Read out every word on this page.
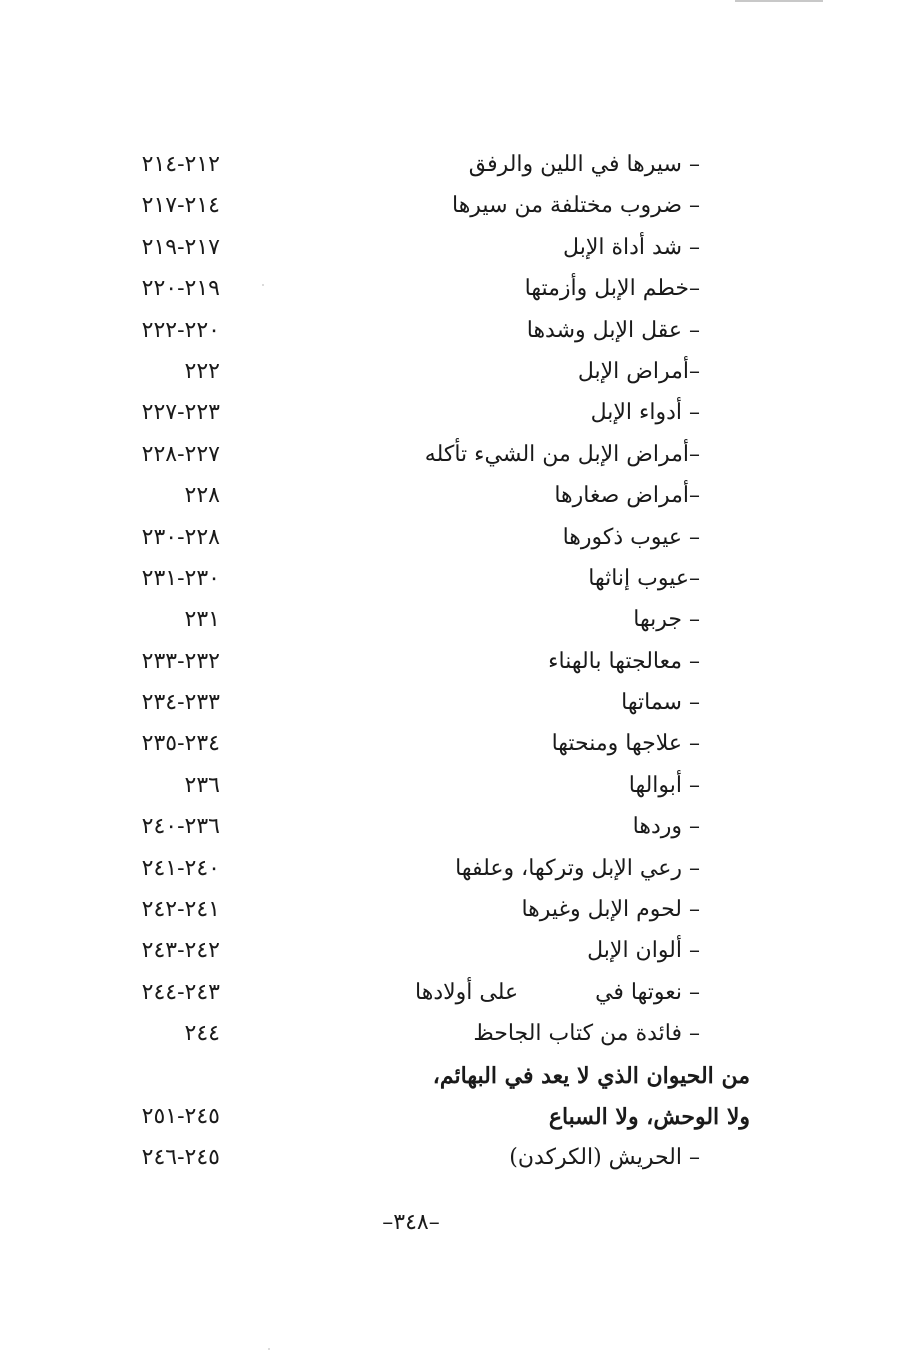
– سيرها في اللين والرفق
٢١٢-٢١٤
– ضروب مختلفة من سيرها
٢١٤-٢١٧
– شد أداة الإبل
٢١٧-٢١٩
–خطم الإبل وأزمتها
٢١٩-٢٢٠
– عقل الإبل وشدها
٢٢٠-٢٢٢
–أمراض الإبل
٢٢٢
– أدواء الإبل
٢٢٣-٢٢٧
–أمراض الإبل من الشيء تأكله
٢٢٧-٢٢٨
–أمراض صغارها
٢٢٨
– عيوب ذكورها
٢٢٨-٢٣٠
–عيوب إناثها
٢٣٠-٢٣١
– جربها
٢٣١
– معالجتها بالهناء
٢٣٢-٢٣٣
– سماتها
٢٣٣-٢٣٤
– علاجها ومنحتها
٢٣٤-٢٣٥
– أبوالها
٢٣٦
– وردها
٢٣٦-٢٤٠
– رعي الإبل وتركها، وعلفها
٢٤٠-٢٤١
– لحوم الإبل وغيرها
٢٤١-٢٤٢
– ألوان الإبل
٢٤٢-٢٤٣
– نعوتها في           على أولادها
٢٤٣-٢٤٤
– فائدة من كتاب الجاحظ
٢٤٤
من الحيوان الذي لا يعد في البهائم،
ولا الوحش، ولا السباع
٢٤٥-٢٥١
– الحريش (الكركدن)
٢٤٥-٢٤٦
–٣٤٨–
